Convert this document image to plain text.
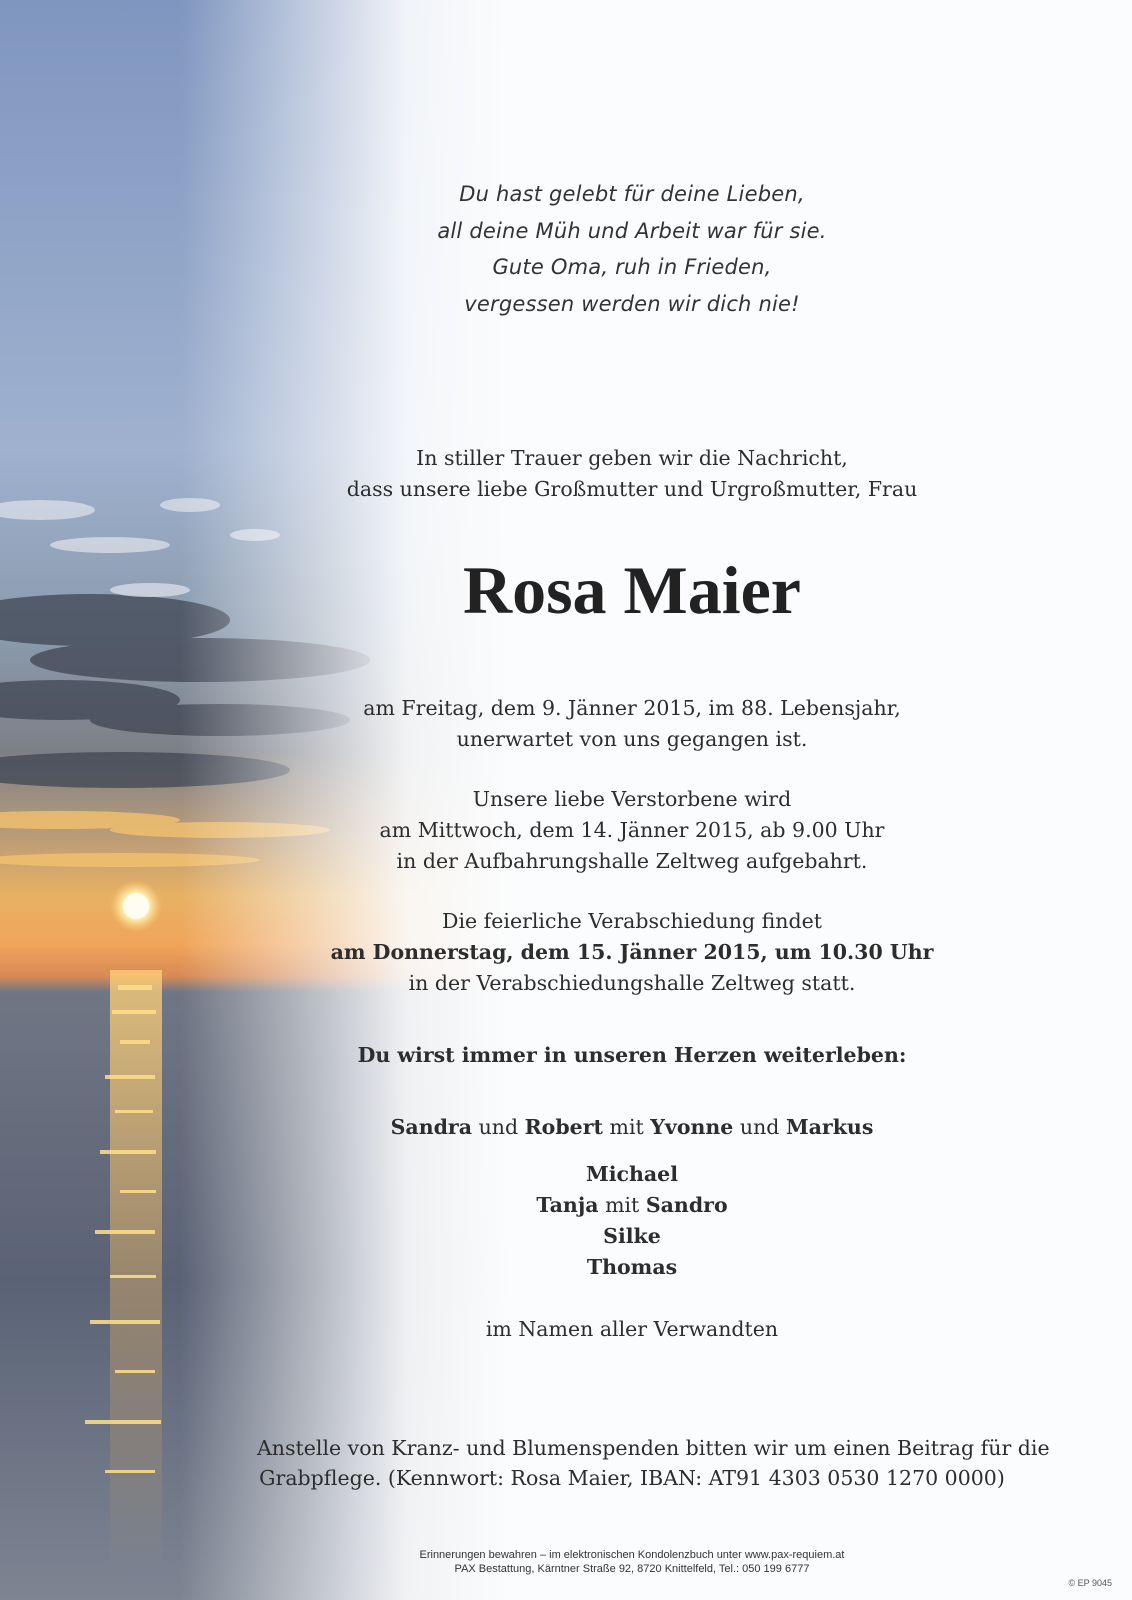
Du hast gelebt für deine Lieben,
all deine Müh und Arbeit war für sie.
Gute Oma, ruh in Frieden,
vergessen werden wir dich nie!
In stiller Trauer geben wir die Nachricht,
dass unsere liebe Großmutter und Urgroßmutter, Frau
Rosa Maier
am Freitag, dem 9. Jänner 2015, im 88. Lebensjahr,
unerwartet von uns gegangen ist.
Unsere liebe Verstorbene wird
am Mittwoch, dem 14. Jänner 2015, ab 9.00 Uhr
in der Aufbahrungshalle Zeltweg aufgebahrt.
Die feierliche Verabschiedung findet
am Donnerstag, dem 15. Jänner 2015, um 10.30 Uhr
in der Verabschiedungshalle Zeltweg statt.
Du wirst immer in unseren Herzen weiterleben:
Sandra und Robert mit Yvonne und Markus
Michael
Tanja mit Sandro
Silke
Thomas
im Namen aller Verwandten
Anstelle von Kranz- und Blumenspenden bitten wir um einen Beitrag für die
Grabpflege. (Kennwort: Rosa Maier, IBAN: AT91 4303 0530 1270 0000)
Erinnerungen bewahren – im elektronischen Kondolenzbuch unter www.pax-requiem.at
PAX Bestattung, Kärntner Straße 92, 8720 Knittelfeld, Tel.: 050 199 6777
© EP 9045
